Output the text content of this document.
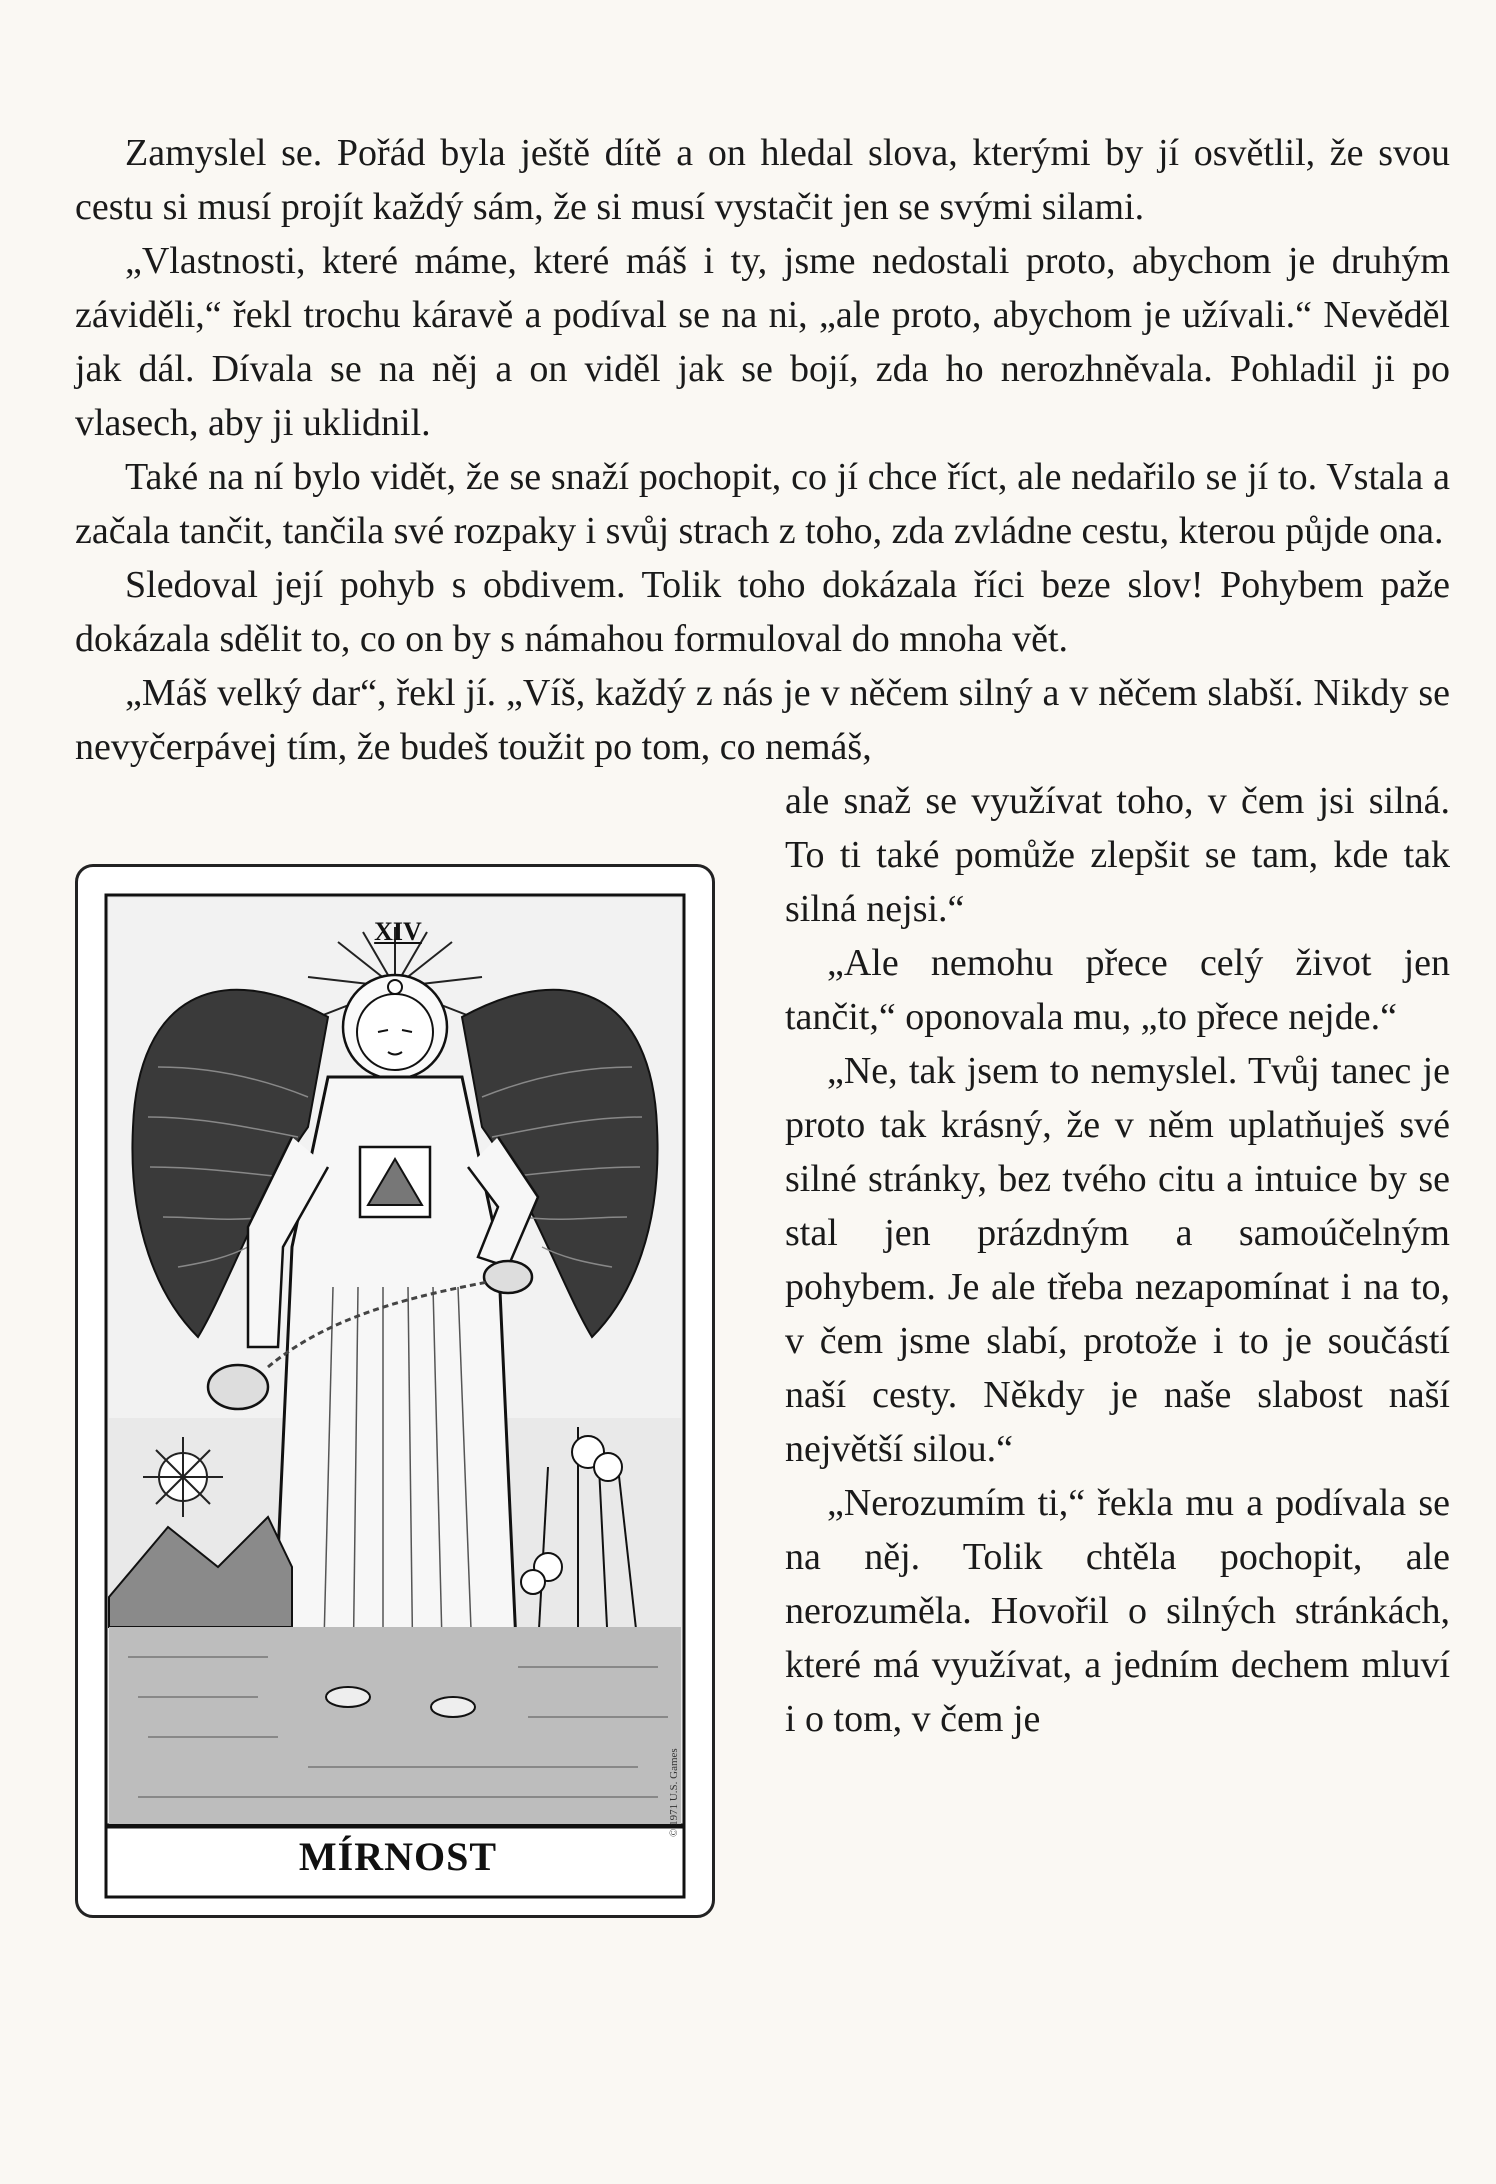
Zamyslel se. Pořád byla ještě dítě a on hledal slova, kterými by jí osvětlil, že svou cestu si musí projít každý sám, že si musí vystačit jen se svými silami.

„Vlastnosti, které máme, které máš i ty, jsme nedostali proto, abychom je druhým záviděli,“ řekl trochu káravě a podíval se na ni, „ale proto, abychom je užívali.“ Nevěděl jak dál. Dívala se na něj a on viděl jak se bojí, zda ho nerozhněvala. Pohladil ji po vlasech, aby ji uklidnil.

Také na ní bylo vidět, že se snaží pochopit, co jí chce říct, ale nedařilo se jí to. Vstala a začala tančit, tančila své rozpaky i svůj strach z toho, zda zvládne cestu, kterou půjde ona.

Sledoval její pohyb s obdivem. Tolik toho dokázala říci beze slov! Pohybem paže dokázala sdělit to, co on by s námahou formuloval do mnoha vět.

„Máš velký dar“, řekl jí. „Víš, každý z nás je v něčem silný a v něčem slabší. Nikdy se nevyčerpávej tím, že budeš toužit po tom, co nemáš,

XIV
MÍRNOST
© 1971 U.S. Games

ale snaž se využívat toho, v čem jsi silná. To ti také pomůže zlepšit se tam, kde tak silná nejsi.“

„Ale nemohu přece celý život jen tančit,“ oponovala mu, „to přece nejde.“

„Ne, tak jsem to nemyslel. Tvůj tanec je proto tak krásný, že v něm uplatňuješ své silné stránky, bez tvého citu a intuice by se stal jen prázdným a samoúčelným pohybem. Je ale třeba nezapomínat i na to, v čem jsme slabí, protože i to je součástí naší cesty. Někdy je naše slabost naší největší silou.“

„Nerozumím ti,“ řekla mu a podívala se na něj. Tolik chtěla pochopit, ale nerozuměla. Hovořil o silných stránkách, které má využívat, a jedním dechem mluví i o tom, v čem je
